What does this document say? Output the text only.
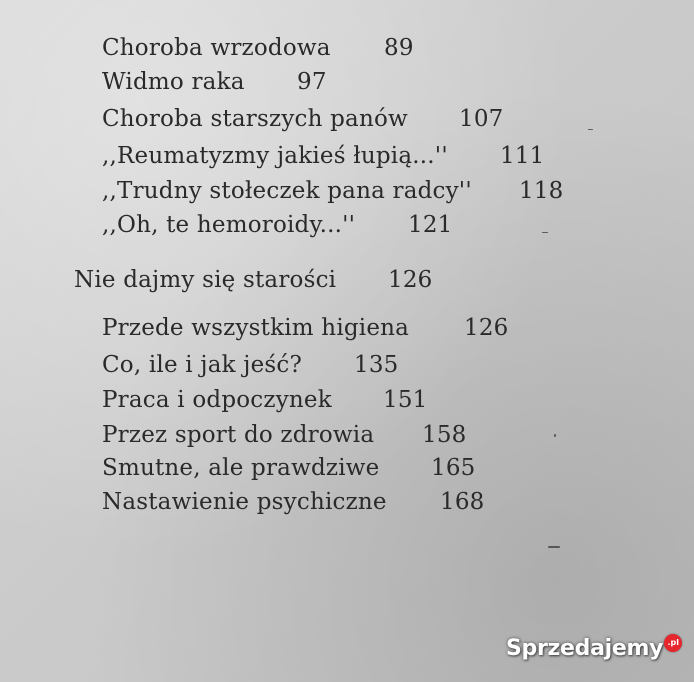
Choroba wrzodowa 89
Widmo raka 97
Choroba starszych panów 107
,,Reumatyzmy jakieś łupią...'' 111
,,Trudny stołeczek pana radcy'' 118
,,Oh, te hemoroidy...'' 121
Nie dajmy się starości 126
Przede wszystkim higiena 126
Co, ile i jak jeść? 135
Praca i odpoczynek 151
Przez sport do zdrowia 158
Smutne, ale prawdziwe 165
Nastawienie psychiczne 168
Sprzedajemy .pl
